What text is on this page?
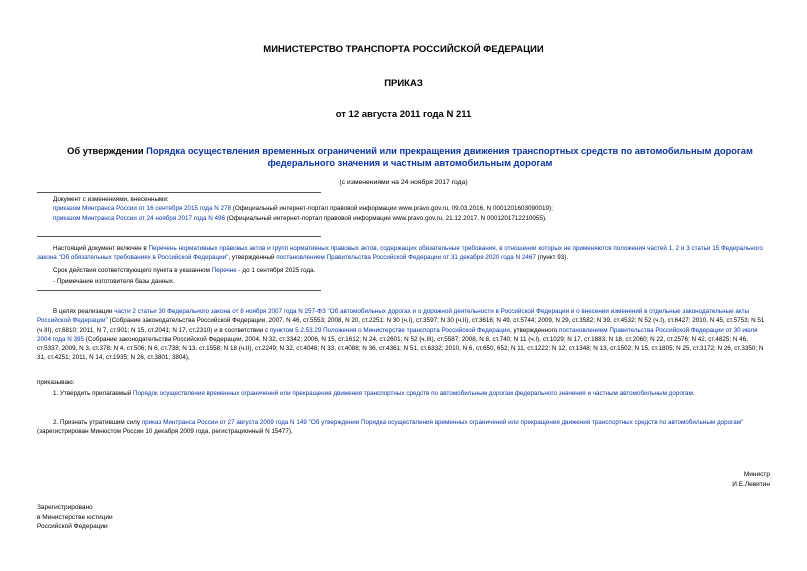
МИНИСТЕРСТВО ТРАНСПОРТА РОССИЙСКОЙ ФЕДЕРАЦИИ
ПРИКАЗ
от 12 августа 2011 года N 211
Об утверждении Порядка осуществления временных ограничений или прекращения движения транспортных средств по автомобильным дорогам федерального значения и частным автомобильным дорогам
(с изменениями на 24 ноября 2017 года)

Документ с изменениями, внесенными:

приказом Минтранса России от 16 сентября 2015 года N 278 (Официальный интернет-портал правовой информации www.pravo.gov.ru, 09.03.2016, N 0001201603090019);

приказом Минтранса России от 24 ноября 2017 года N 496 (Официальный интернет-портал правовой информации www.pravo.gov.ru, 21.12.2017, N 0001201712210055).

Настоящий документ включен в Перечень нормативных правовых актов и групп нормативных правовых актов, содержащих обязательные требования, в отношении которых не применяются положения частей 1, 2 и 3 статьи 15 Федерального закона "Об обязательных требованиях в Российской Федерации", утвержденный постановлением Правительства Российской Федерации от 31 декабря 2020 года N 2467 (пункт 93).

Срок действия соответствующего пункта в указанном Перечне - до 1 сентября 2025 года.

- Примечание изготовителя базы данных.

В целях реализации части 2 статьи 30 Федерального закона от 8 ноября 2007 года N 257-ФЗ "Об автомобильных дорогах и о дорожной деятельности в Российской Федерации и о внесении изменений в отдельные законодательные акты Российской Федерации" (Собрание законодательства Российской Федерации, 2007, N 46, ст.5553; 2008, N 20, ст.2251; N 30 (ч.I), ст.3597; N 30 (ч.II), ст.3616; N 49, ст.5744; 2009, N 29, ст.3582; N 39, ст.4532; N 52 (ч.I), ст.6427; 2010, N 45, ст.5753; N 51 (ч.III), ст.6810; 2011, N 7, ст.901; N 15, ст.2041; N 17, ст.2310) и в соответствии с пунктом 5.2.53.29 Положения о Министерстве транспорта Российской Федерации, утвержденного постановлением Правительства Российской Федерации от 30 июля 2004 года N 395 (Собрание законодательства Российской Федерации, 2004, N 32, ст.3342; 2006, N 15, ст.1612; N 24, ст.2601; N 52 (ч.III), ст.5587; 2008, N 8, ст.740; N 11 (ч.I), ст.1029; N 17, ст.1883; N 18, ст.2060; N 22, ст.2576; N 42, ст.4825; N 46, ст.5337; 2009, N 3, ст.378; N 4, ст.506; N 6, ст.738; N 13, ст.1558; N 18 (ч.II), ст.2249; N 32, ст.4046; N 33, ст.4088; N 36, ст.4361; N 51, ст.6332; 2010, N 6, ст.650, 652; N 11, ст.1222; N 12, ст.1348; N 13, ст.1502; N 15, ст.1805; N 25, ст.3172; N 26, ст.3350; N 31, ст.4251; 2011, N 14, ст.1935; N 26, ст.3801, 3804),

приказываю:

1. Утвердить прилагаемый Порядок осуществления временных ограничений или прекращения движения транспортных средств по автомобильным дорогам федерального значения и частным автомобильным дорогам.

2. Признать утратившим силу приказ Минтранса России от 27 августа 2009 года N 149 "Об утверждении Порядка осуществления временных ограничений или прекращения движения транспортных средств по автомобильным дорогам" (зарегистрирован Минюстом России 10 декабря 2009 года, регистрационный N 15477).

Министр
И.Е.Левитин
Зарегистрировано
в Министерстве юстиции
Российской Федерации
